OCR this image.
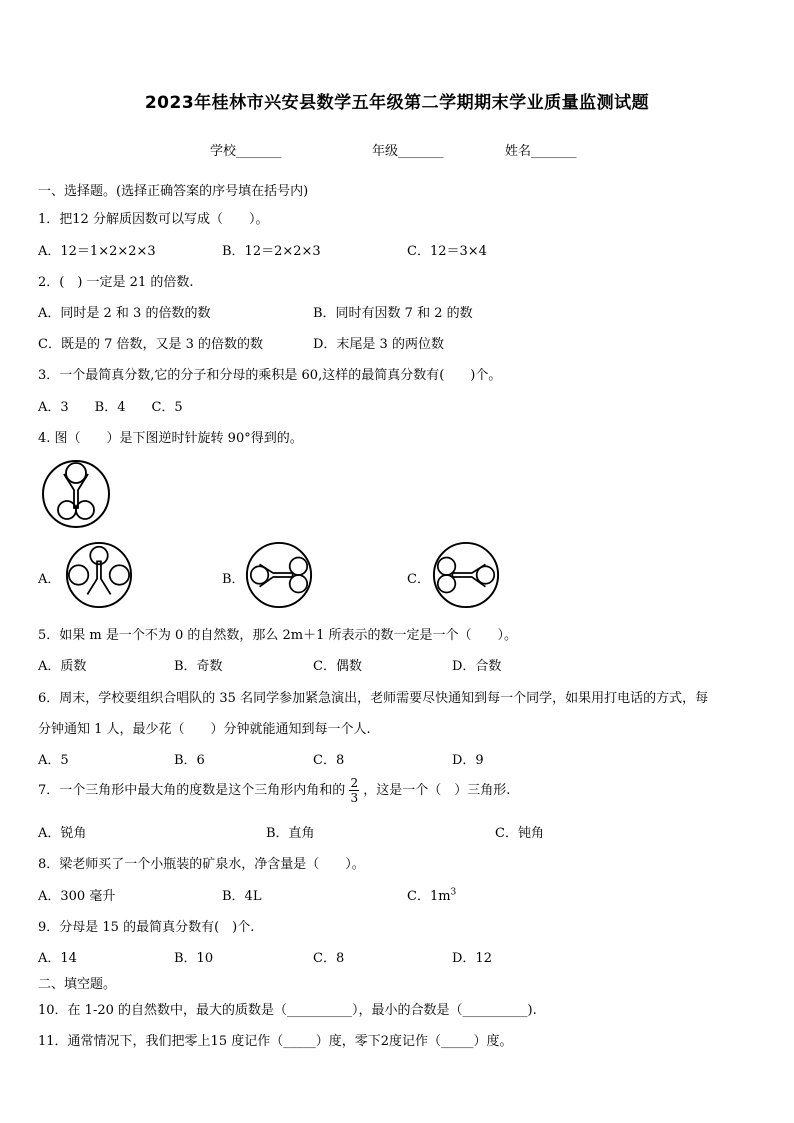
2023年桂林市兴安县数学五年级第二学期期末学业质量监测试题
学校_______	年级_______	姓名_______
一、选择题。(选择正确答案的序号填在括号内)
1．把12 分解质因数可以写成（　　）。
A．12＝1×2×2×3	B．12＝2×2×3	C．12＝3×4
2．(　) 一定是 21 的倍数.
A．同时是 2 和 3 的倍数的数	B．同时有因数 7 和 2 的数
C．既是的 7 倍数，又是 3 的倍数的数	D．末尾是 3 的两位数
3．一个最简真分数,它的分子和分母的乘积是 60,这样的最简真分数有(　　)个。
A．3　　B．4　　C．5
4. 图（　　）是下图逆时针旋转 90°得到的。
A．	B．	C．
5．如果 m 是一个不为 0 的自然数，那么 2m＋1 所表示的数一定是一个（　　）。
A．质数	B．奇数	C．偶数	D．合数
6．周末，学校要组织合唱队的 35 名同学参加紧急演出，老师需要尽快通知到每一个同学，如果用打电话的方式，每
分钟通知 1 人，最少花（　　）分钟就能通知到每一个人.
A．5	B．6	C．8	D．9
7．一个三角形中最大角的度数是这个三角形内角和的 $\frac{2}{3}$ ，这是一个（　）三角形.
A．锐角	B．直角	C．钝角
8．梁老师买了一个小瓶装的矿泉水，净含量是（　　）。
A．300 毫升	B．4L	C．$1m^3$
9．分母是 15 的最简真分数有(　)个.
A．14	B．10	C．8	D．12
二、填空题。
10．在 1-20 的自然数中，最大的质数是（__________），最小的合数是（__________).
11．通常情况下，我们把零上15 度记作（_____）度，零下2度记作（_____）度。
